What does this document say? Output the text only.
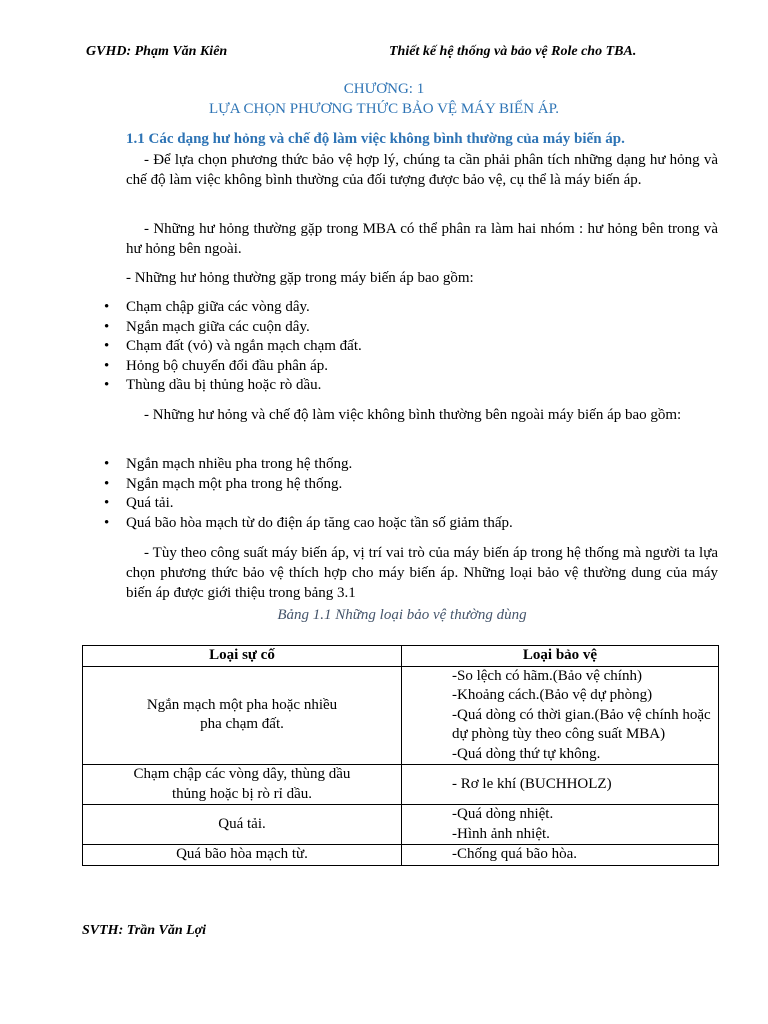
GVHD: Phạm Văn Kiên	Thiết kế hệ thống và bảo vệ Role cho TBA.
CHƯƠNG: 1
LỰA CHỌN PHƯƠNG THỨC BẢO VỆ MÁY BIẾN ÁP.
1.1 Các dạng hư hỏng và chế độ làm việc không bình thường của máy biến áp.
- Để lựa chọn phương thức bảo vệ hợp lý, chúng ta cần phải phân tích những dạng hư hỏng và chế độ làm việc không bình thường của đối tượng được bảo vệ, cụ thể là máy biến áp.
- Những hư hỏng thường gặp trong MBA có thể phân ra làm hai nhóm : hư hỏng bên trong và hư hỏng bên ngoài.
- Những hư hỏng thường gặp trong máy biến áp bao gồm:
• Chạm chập giữa các vòng dây.
• Ngắn mạch giữa các cuộn dây.
• Chạm đất (vỏ) và ngắn mạch chạm đất.
• Hỏng bộ chuyển đổi đầu phân áp.
• Thùng dầu bị thủng hoặc rò dầu.
- Những hư hỏng và chế độ làm việc không bình thường bên ngoài máy biến áp bao gồm:
• Ngắn mạch nhiều pha trong hệ thống.
• Ngắn mạch một pha trong hệ thống.
• Quá tải.
• Quá bão hòa mạch từ do điện áp tăng cao hoặc tần số giảm thấp.
- Tùy theo công suất máy biến áp, vị trí vai trò của máy biến áp trong hệ thống mà người ta lựa chọn phương thức bảo vệ thích hợp cho máy biến áp. Những loại bảo vệ thường dung của máy biến áp được giới thiệu trong bảng 3.1
Bảng 1.1 Những loại bảo vệ thường dùng
Loại sự cố	Loại bảo vệ

Ngắn mạch một pha hoặc nhiều pha chạm đất.	-So lệch có hãm.(Bảo vệ chính)
-Khoảng cách.(Bảo vệ dự phòng)
-Quá dòng có thời gian.(Bảo vệ chính hoặc dự phòng tùy theo công suất MBA)
-Quá dòng thứ tự không.

Chạm chập các vòng dây, thùng dầu thủng hoặc bị rò rỉ dầu.	- Rơ le khí (BUCHHOLZ)

Quá tải.	-Quá dòng nhiệt.
-Hình ảnh nhiệt.

Quá bão hòa mạch từ.	-Chống quá bão hòa.
SVTH: Trần Văn Lợi
